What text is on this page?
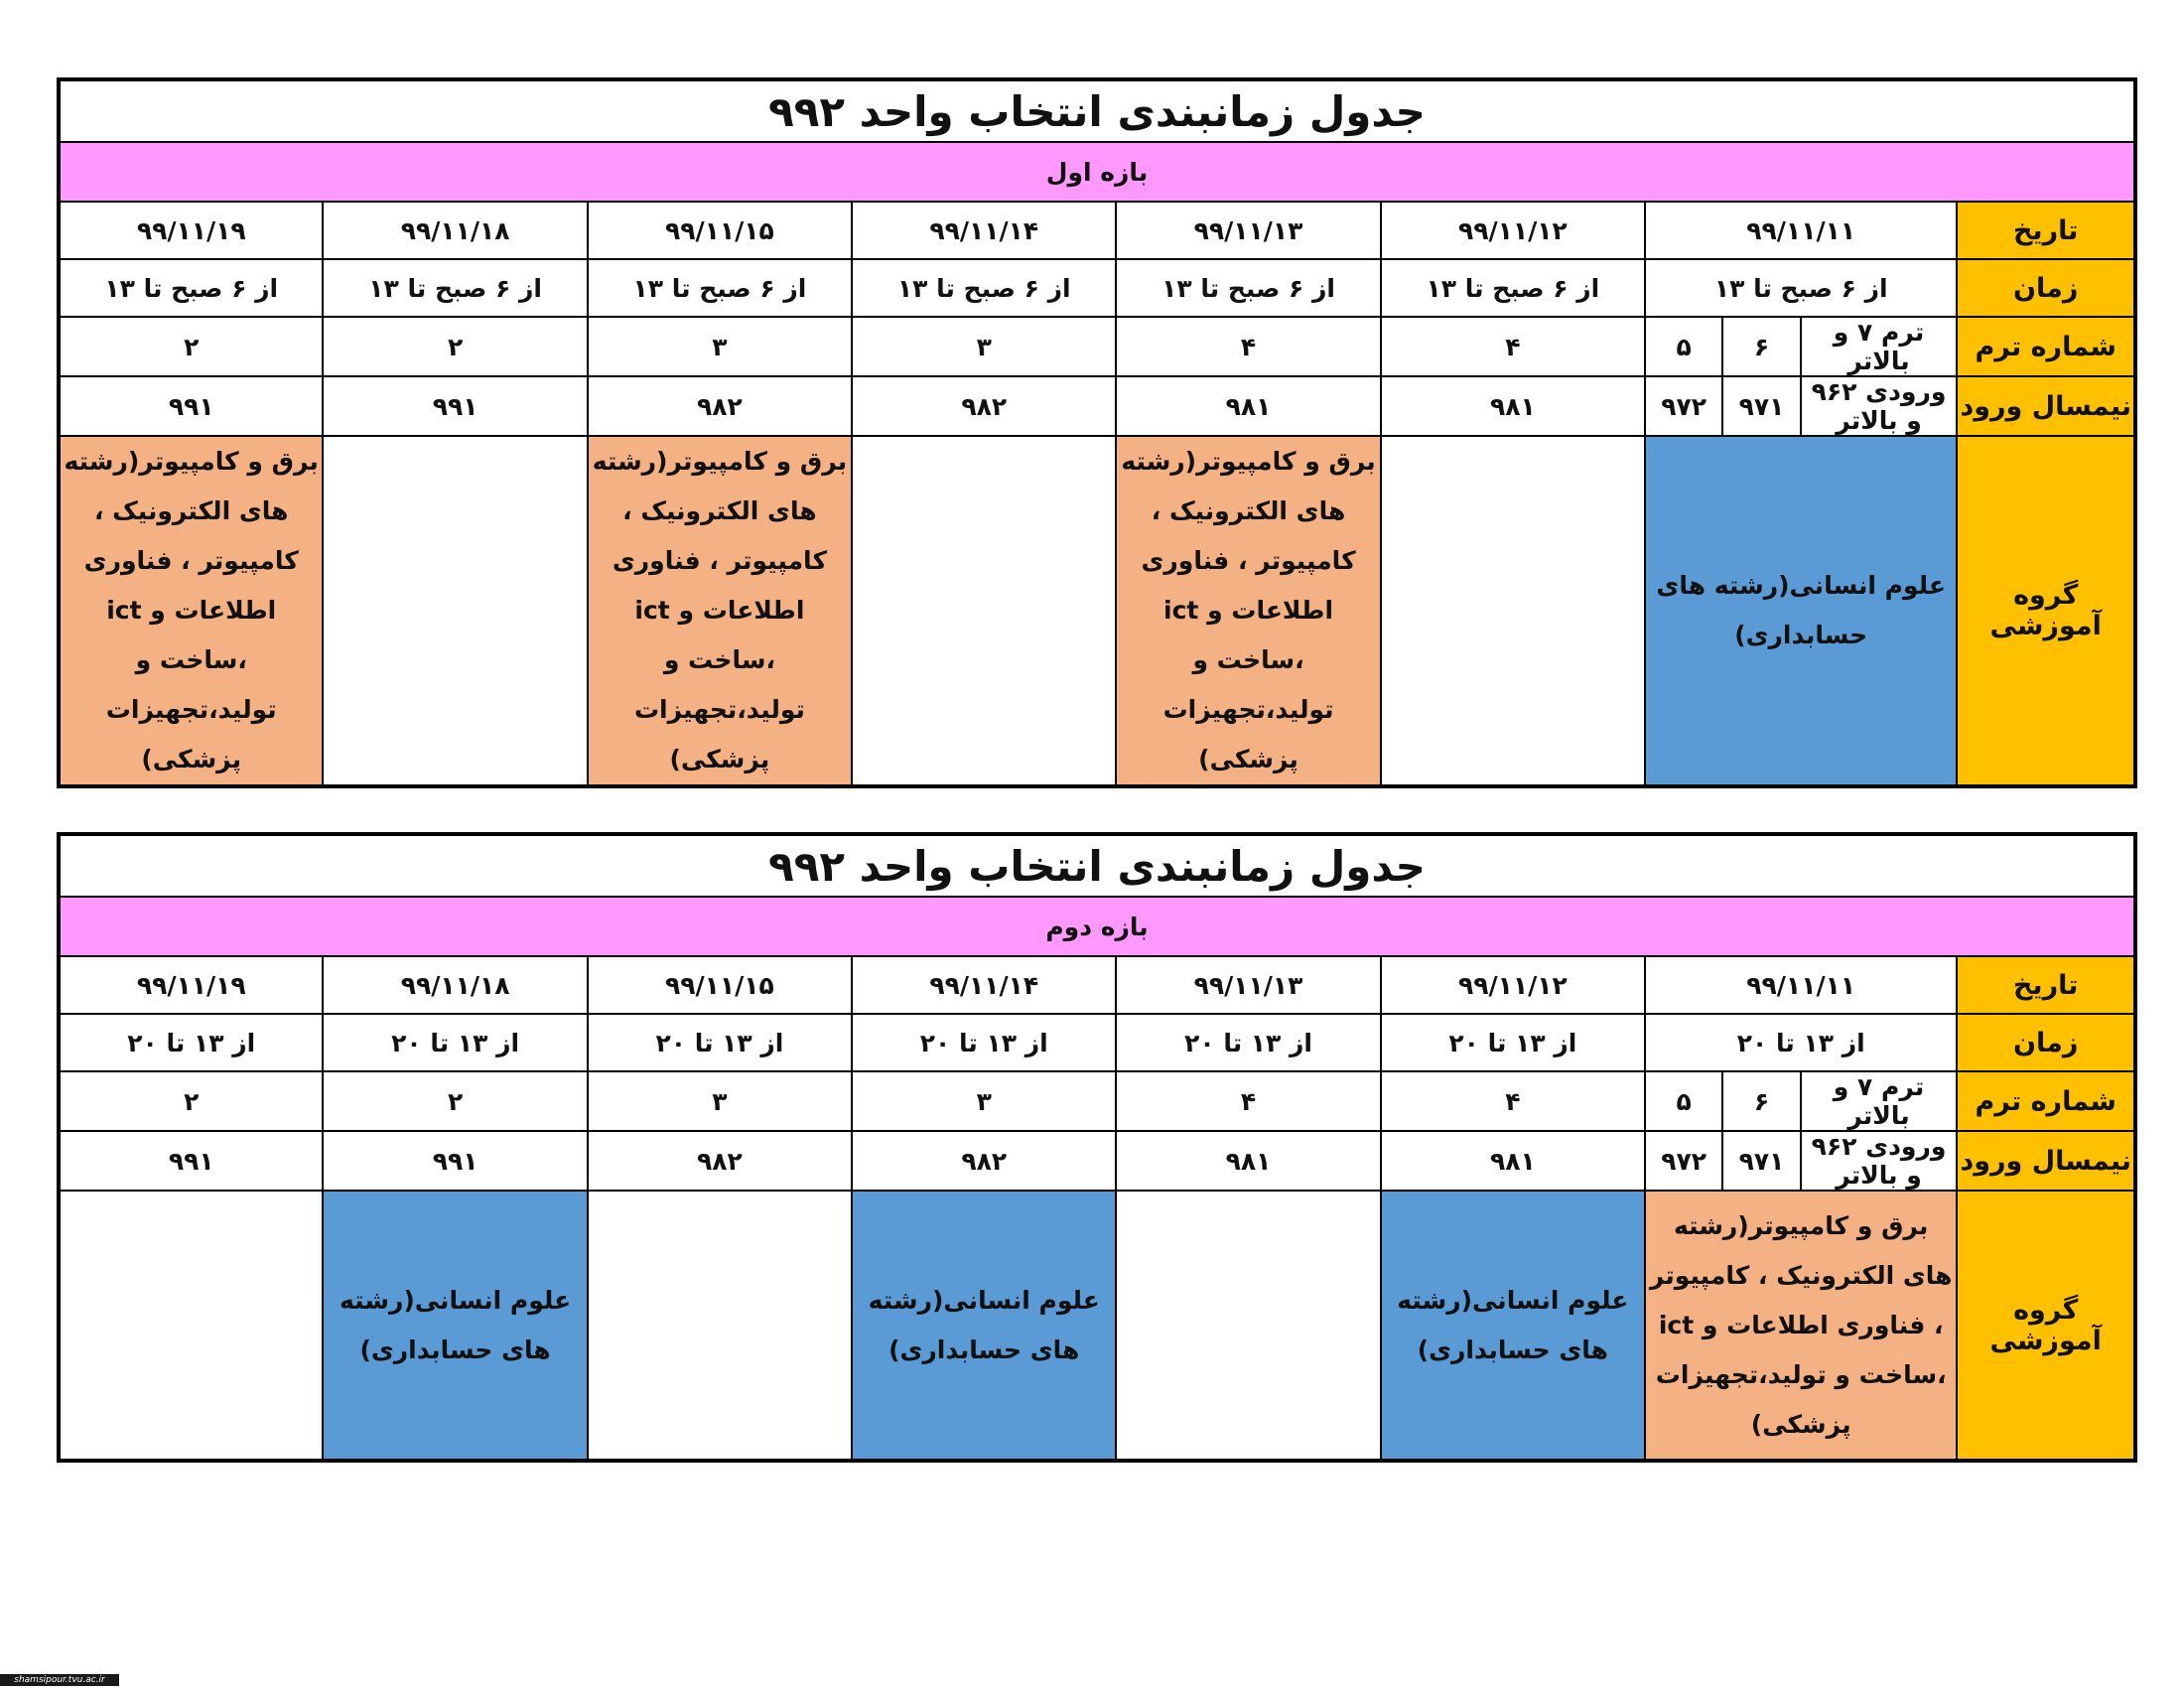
جدول زمانبندی انتخاب واحد ۹۹۲									
بازه اول									
تاریخ	۹۹/۱۱/۱۱			۹۹/۱۱/۱۲	۹۹/۱۱/۱۳	۹۹/۱۱/۱۴	۹۹/۱۱/۱۵	۹۹/۱۱/۱۸	۹۹/۱۱/۱۹
زمان	از ۶ صبح تا ۱۳			از ۶ صبح تا ۱۳	از ۶ صبح تا ۱۳	از ۶ صبح تا ۱۳	از ۶ صبح تا ۱۳	از ۶ صبح تا ۱۳	از ۶ صبح تا ۱۳
شماره ترم	ترم ۷ و بالاتر	۶	۵	۴	۴	۳	۳	۲	۲
نیمسال ورود	ورودی ۹۶۲ و بالاتر	۹۷۱	۹۷۲	۹۸۱	۹۸۱	۹۸۲	۹۸۲	۹۹۱	۹۹۱
گروه آموزشی	علوم انسانی(رشته های حسابداری)				برق و کامپیوتر(رشته های الکترونیک ، کامپیوتر ، فناوری اطلاعات و ict ،ساخت و تولید،تجهیزات پزشکی)		برق و کامپیوتر(رشته های الکترونیک ، کامپیوتر ، فناوری اطلاعات و ict ،ساخت و تولید،تجهیزات پزشکی)		برق و کامپیوتر(رشته های الکترونیک ، کامپیوتر ، فناوری اطلاعات و ict ،ساخت و تولید،تجهیزات پزشکی)
جدول زمانبندی انتخاب واحد ۹۹۲									
بازه دوم									
تاریخ	۹۹/۱۱/۱۱			۹۹/۱۱/۱۲	۹۹/۱۱/۱۳	۹۹/۱۱/۱۴	۹۹/۱۱/۱۵	۹۹/۱۱/۱۸	۹۹/۱۱/۱۹
زمان	از ۱۳ تا ۲۰			از ۱۳ تا ۲۰	از ۱۳ تا ۲۰	از ۱۳ تا ۲۰	از ۱۳ تا ۲۰	از ۱۳ تا ۲۰	از ۱۳ تا ۲۰
شماره ترم	ترم ۷ و بالاتر	۶	۵	۴	۴	۳	۳	۲	۲
نیمسال ورود	ورودی ۹۶۲ و بالاتر	۹۷۱	۹۷۲	۹۸۱	۹۸۱	۹۸۲	۹۸۲	۹۹۱	۹۹۱
گروه آموزشی	برق و کامپیوتر(رشته های الکترونیک ، کامپیوتر ، فناوری اطلاعات و ict ،ساخت و تولید،تجهیزات پزشکی)			علوم انسانی(رشته های حسابداری)		علوم انسانی(رشته های حسابداری)		علوم انسانی(رشته های حسابداری)	
shamsipour.tvu.ac.ir
